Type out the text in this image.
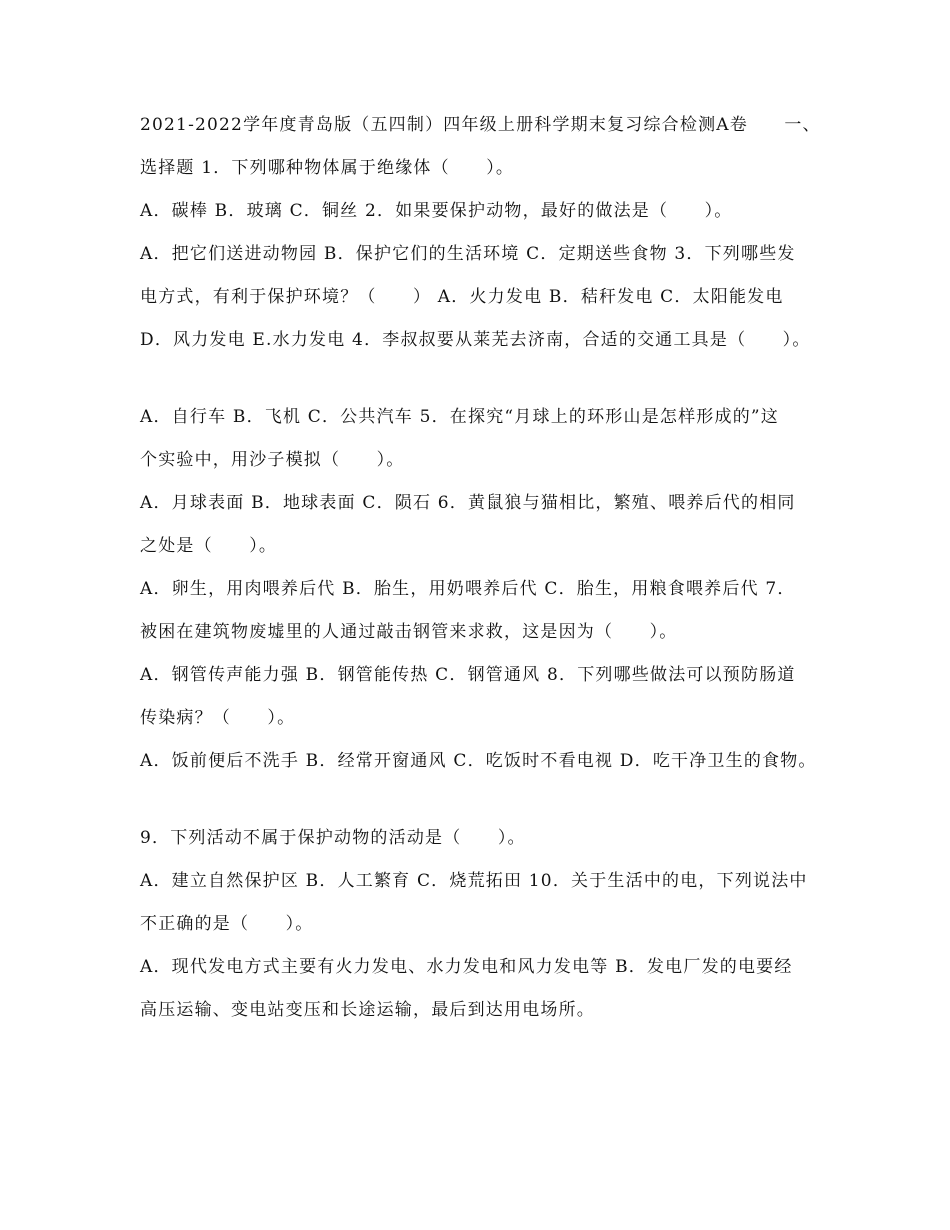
2021-2022学年度青岛版（五四制）四年级上册科学期末复习综合检测A卷　　一、
选择题 1．下列哪种物体属于绝缘体（　　）。
A．碳棒 B．玻璃 C．铜丝 2．如果要保护动物，最好的做法是（　　）。
A．把它们送进动物园 B．保护它们的生活环境 C．定期送些食物 3．下列哪些发
电方式，有利于保护环境？（　　） A．火力发电 B．秸秆发电 C．太阳能发电
D．风力发电 E.水力发电 4．李叔叔要从莱芜去济南，合适的交通工具是（　　）。
A．自行车 B．飞机 C．公共汽车 5．在探究“月球上的环形山是怎样形成的”这
个实验中，用沙子模拟（　　）。
A．月球表面 B．地球表面 C．陨石 6．黄鼠狼与猫相比，繁殖、喂养后代的相同
之处是（　　）。
A．卵生，用肉喂养后代 B．胎生，用奶喂养后代 C．胎生，用粮食喂养后代 7．
被困在建筑物废墟里的人通过敲击钢管来求救，这是因为（　　）。
A．钢管传声能力强 B．钢管能传热 C．钢管通风 8．下列哪些做法可以预防肠道
传染病？（　　）。
A．饭前便后不洗手 B．经常开窗通风 C．吃饭时不看电视 D．吃干净卫生的食物。
9．下列活动不属于保护动物的活动是（　　）。
A．建立自然保护区 B．人工繁育 C．烧荒拓田 10．关于生活中的电，下列说法中
不正确的是（　　）。
A．现代发电方式主要有火力发电、水力发电和风力发电等 B．发电厂发的电要经
高压运输、变电站变压和长途运输，最后到达用电场所。
